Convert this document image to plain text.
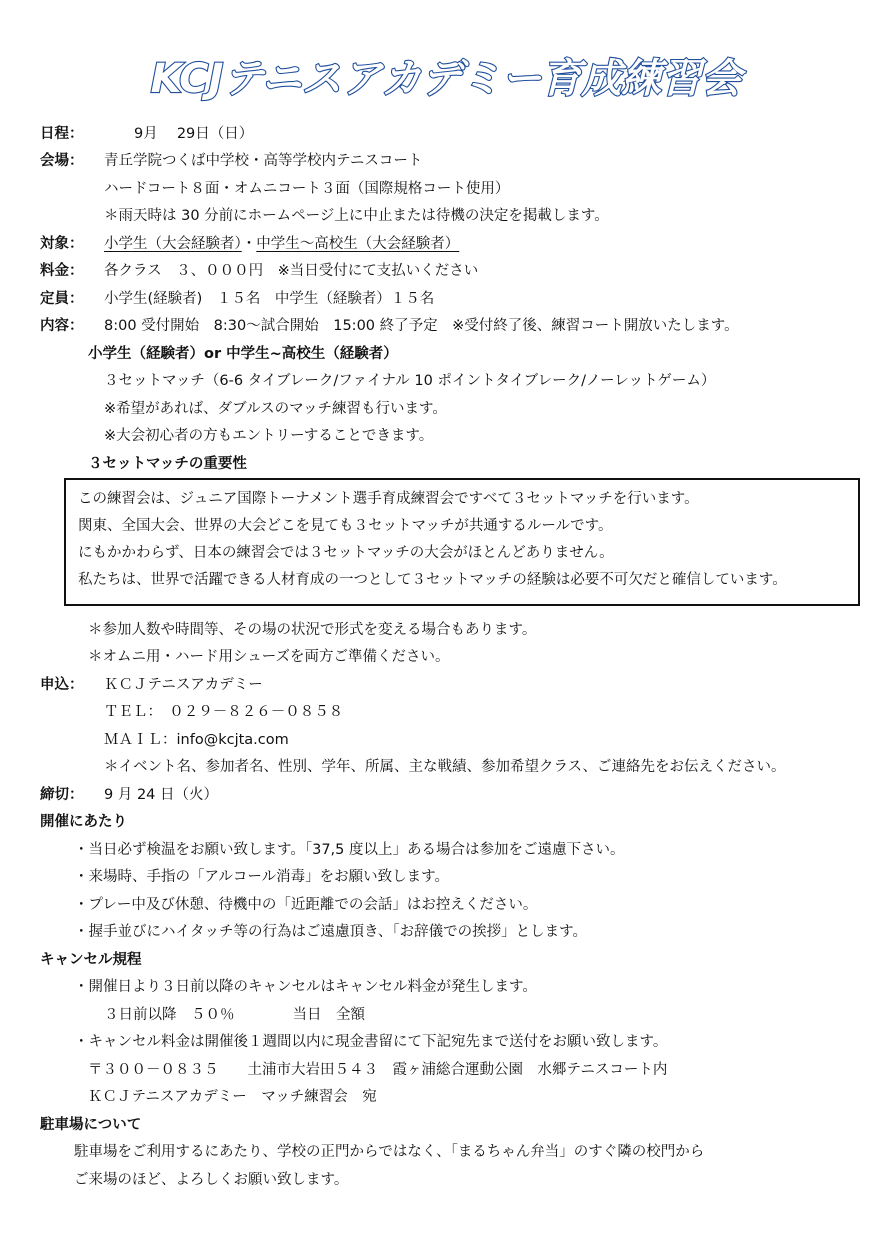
KCJテニスアカデミー育成練習会
日程：	9月　 29日（日）
会場： 青丘学院つくば中学校・高等学校内テニスコート
ハードコート８面・オムニコート３面（国際規格コート使用）
＊雨天時は 30 分前にホームページ上に中止または待機の決定を掲載します。
対象： 小学生（大会経験者）・中学生～高校生（大会経験者）
料金： 各クラス　３、０００円　※当日受付にて支払いください
定員： 小学生(経験者)　１５名　中学生（経験者）１５名
内容： 8:00 受付開始　8:30～試合開始　15:00 終了予定　※受付終了後、練習コート開放いたします。
小学生（経験者）or 中学生~高校生（経験者）
３セットマッチ（6-6 タイブレーク/ファイナル 10 ポイントタイブレーク/ノーレットゲーム）
※希望があれば、ダブルスのマッチ練習も行います。
※大会初心者の方もエントリーすることできます。
３セットマッチの重要性
この練習会は、ジュニア国際トーナメント選手育成練習会ですべて３セットマッチを行います。
関東、全国大会、世界の大会どこを見ても３セットマッチが共通するルールです。
にもかかわらず、日本の練習会では３セットマッチの大会がほとんどありません。
私たちは、世界で活躍できる人材育成の一つとして３セットマッチの経験は必要不可欠だと確信しています。
＊参加人数や時間等、その場の状況で形式を変える場合もあります。
＊オムニ用・ハード用シューズを両方ご準備ください。
申込： ＫＣＪテニスアカデミー
ＴＥＬ：　０２９－８２６－０８５８
ＭＡＩＬ：info@kcjta.com
＊イベント名、参加者名、性別、学年、所属、主な戦績、参加希望クラス、ご連絡先をお伝えください。
締切： 9 月 24 日（火）
開催にあたり
・当日必ず検温をお願い致します。「37,5 度以上」ある場合は参加をご遠慮下さい。
・来場時、手指の「アルコール消毒」をお願い致します。
・プレー中及び休憩、待機中の「近距離での会話」はお控えください。
・握手並びにハイタッチ等の行為はご遠慮頂き、「お辞儀での挨拶」とします。
キャンセル規程
・開催日より３日前以降のキャンセルはキャンセル料金が発生します。
３日前以降　５０％　　　　当日　全額
・キャンセル料金は開催後１週間以内に現金書留にて下記宛先まで送付をお願い致します。
〒３００－０８３５　　土浦市大岩田５４３　霞ヶ浦総合運動公園　水郷テニスコート内
ＫＣＪテニスアカデミー　マッチ練習会　宛
駐車場について
駐車場をご利用するにあたり、学校の正門からではなく、「まるちゃん弁当」のすぐ隣の校門から
ご来場のほど、よろしくお願い致します。
